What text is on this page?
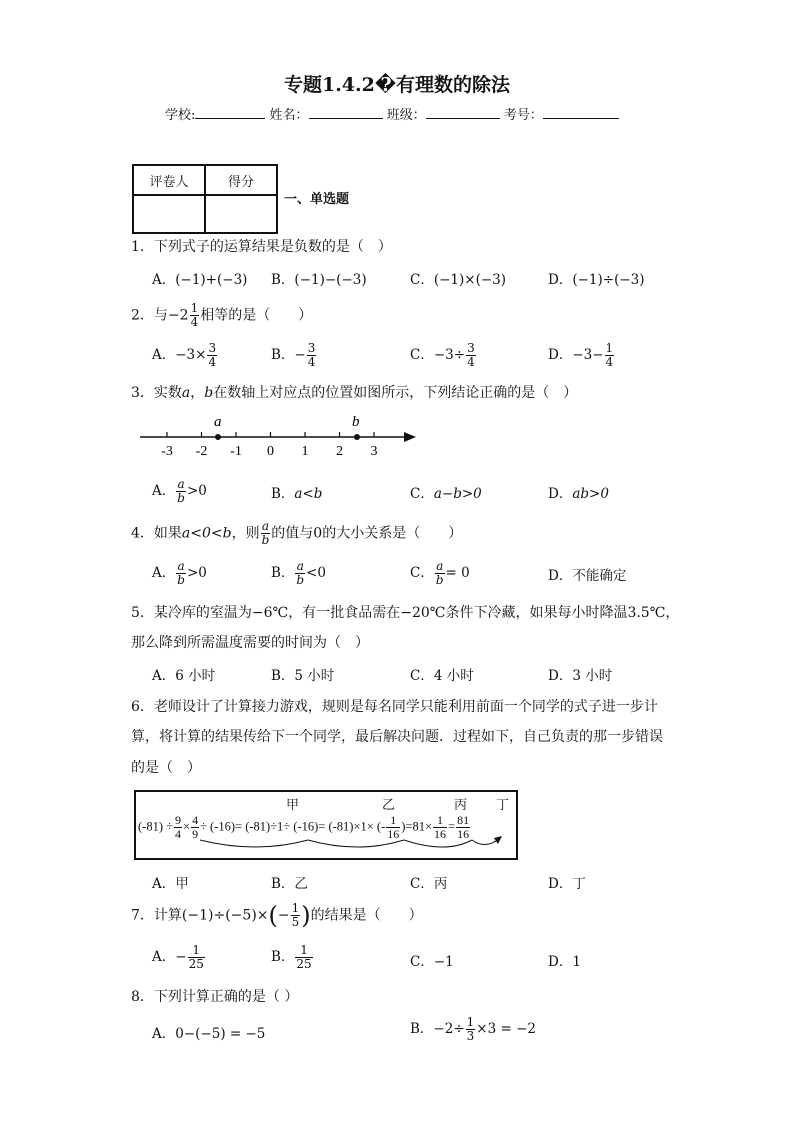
专题1.4.2�有理数的除法
学校:	姓名：	班级：	考号：
评卷人	得分

一、单选题
1．下列式子的运算结果是负数的是（　）
A．(−1)+(−3) B．(−1)−(−3)	C．(−1)×(−3)	D．(−1)÷(−3)
2．与$-2 \frac{1}{4}$ 相等的是（　　）
A．$-3\times \frac{3}{4}$	B．− $\frac{3}{4}$	C．$-3\div \frac{3}{4}$	D．$-3- \frac{1}{4}$
3．实数a，b在数轴上对应点的位置如图所示，下列结论正确的是（　）
-3 -2 -1 0 1 2 3
a	b
A． $\frac{a}{b} >0$	B．a<b	C．a−b>0	D．ab>0
4．如果a<0<b，则 $\frac{a}{b}$ 的值与0的大小关系是（　　）
A． $\frac{a}{b} >0$	B． $\frac{a}{b} <0$	C． $\frac{a}{b} = 0$	D．不能确定
5．某冷库的室温为−6℃，有一批食品需在−20℃条件下冷藏，如果每小时降温3.5℃，
那么降到所需温度需要的时间为（　）
A．6 小时	B．5 小时	C．4 小时	D．3 小时
6．老师设计了计算接力游戏，规则是每名同学只能利用前面一个同学的式子进一步计
算，将计算的结果传给下一个同学，最后解决问题．过程如下，自己负责的那一步错误
的是（　）
甲	乙	丙 丁
$(-81) \div \frac{9}{4} \times \frac{4}{9} \div (-16)= (-81)\div 1\div (-16)= (-81)\times 1\times$ (- $\frac{1}{16} )=81\times \frac{1}{16} = \frac{81}{16}$
A．甲	B．乙	C．丙	D．丁
7．计算$(-1)\div(-5)\times(- \frac{1}{5}$ )的结果是（　　）
A．− $\frac{1}{25}$	B． $\frac{1}{25}$	C．−1	D．1
8．下列计算正确的是（ ）
A．0−(−5) = −5	B．$-2\div \frac{1}{3} \times 3 = -2$
